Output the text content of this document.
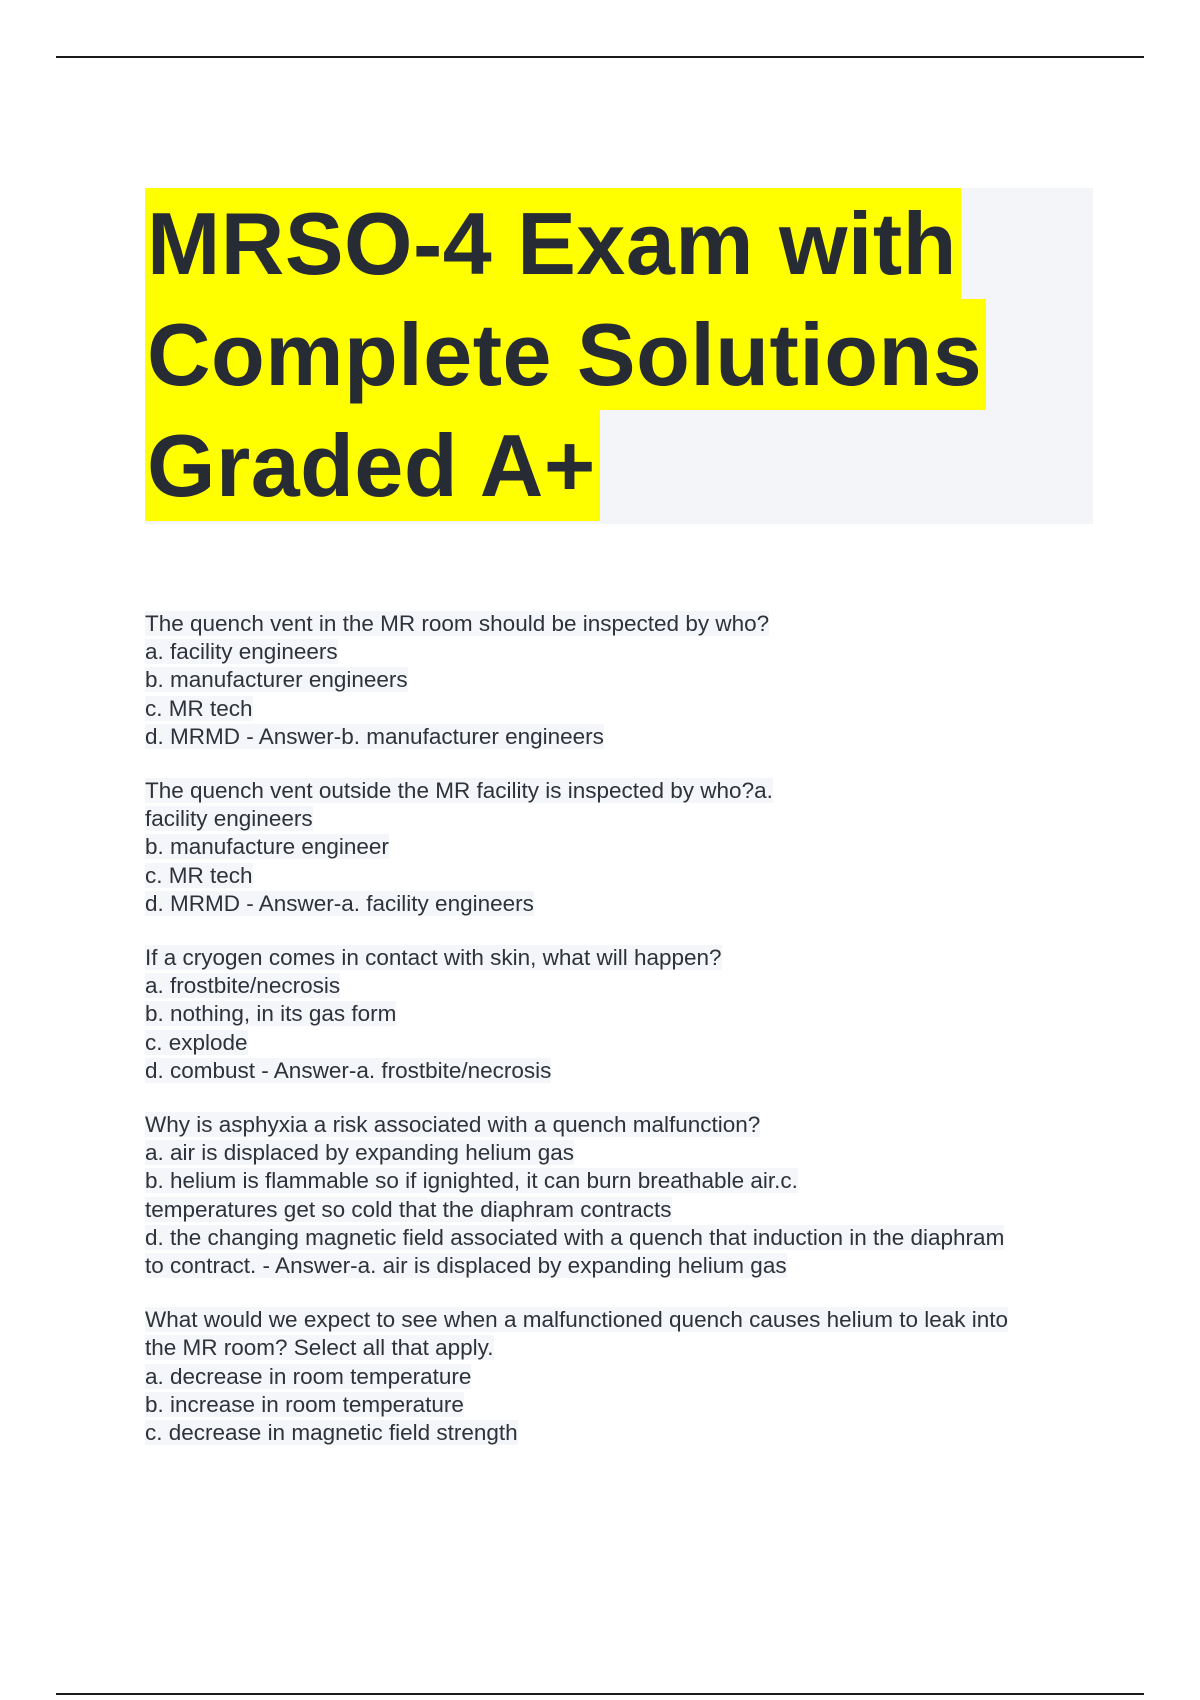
MRSO-4 Exam with
Complete Solutions
Graded A+
The quench vent in the MR room should be inspected by who?
a. facility engineers
b. manufacturer engineers
c. MR tech
d. MRMD - Answer-b. manufacturer engineers
The quench vent outside the MR facility is inspected by who?a.
facility engineers
b. manufacture engineer
c. MR tech
d. MRMD - Answer-a. facility engineers
If a cryogen comes in contact with skin, what will happen?
a. frostbite/necrosis
b. nothing, in its gas form
c. explode
d. combust - Answer-a. frostbite/necrosis
Why is asphyxia a risk associated with a quench malfunction?
a. air is displaced by expanding helium gas
b. helium is flammable so if ignighted, it can burn breathable air.c.
temperatures get so cold that the diaphram contracts
d. the changing magnetic field associated with a quench that induction in the diaphram
to contract. - Answer-a. air is displaced by expanding helium gas
What would we expect to see when a malfunctioned quench causes helium to leak into
the MR room? Select all that apply.
a. decrease in room temperature
b. increase in room temperature
c. decrease in magnetic field strength
